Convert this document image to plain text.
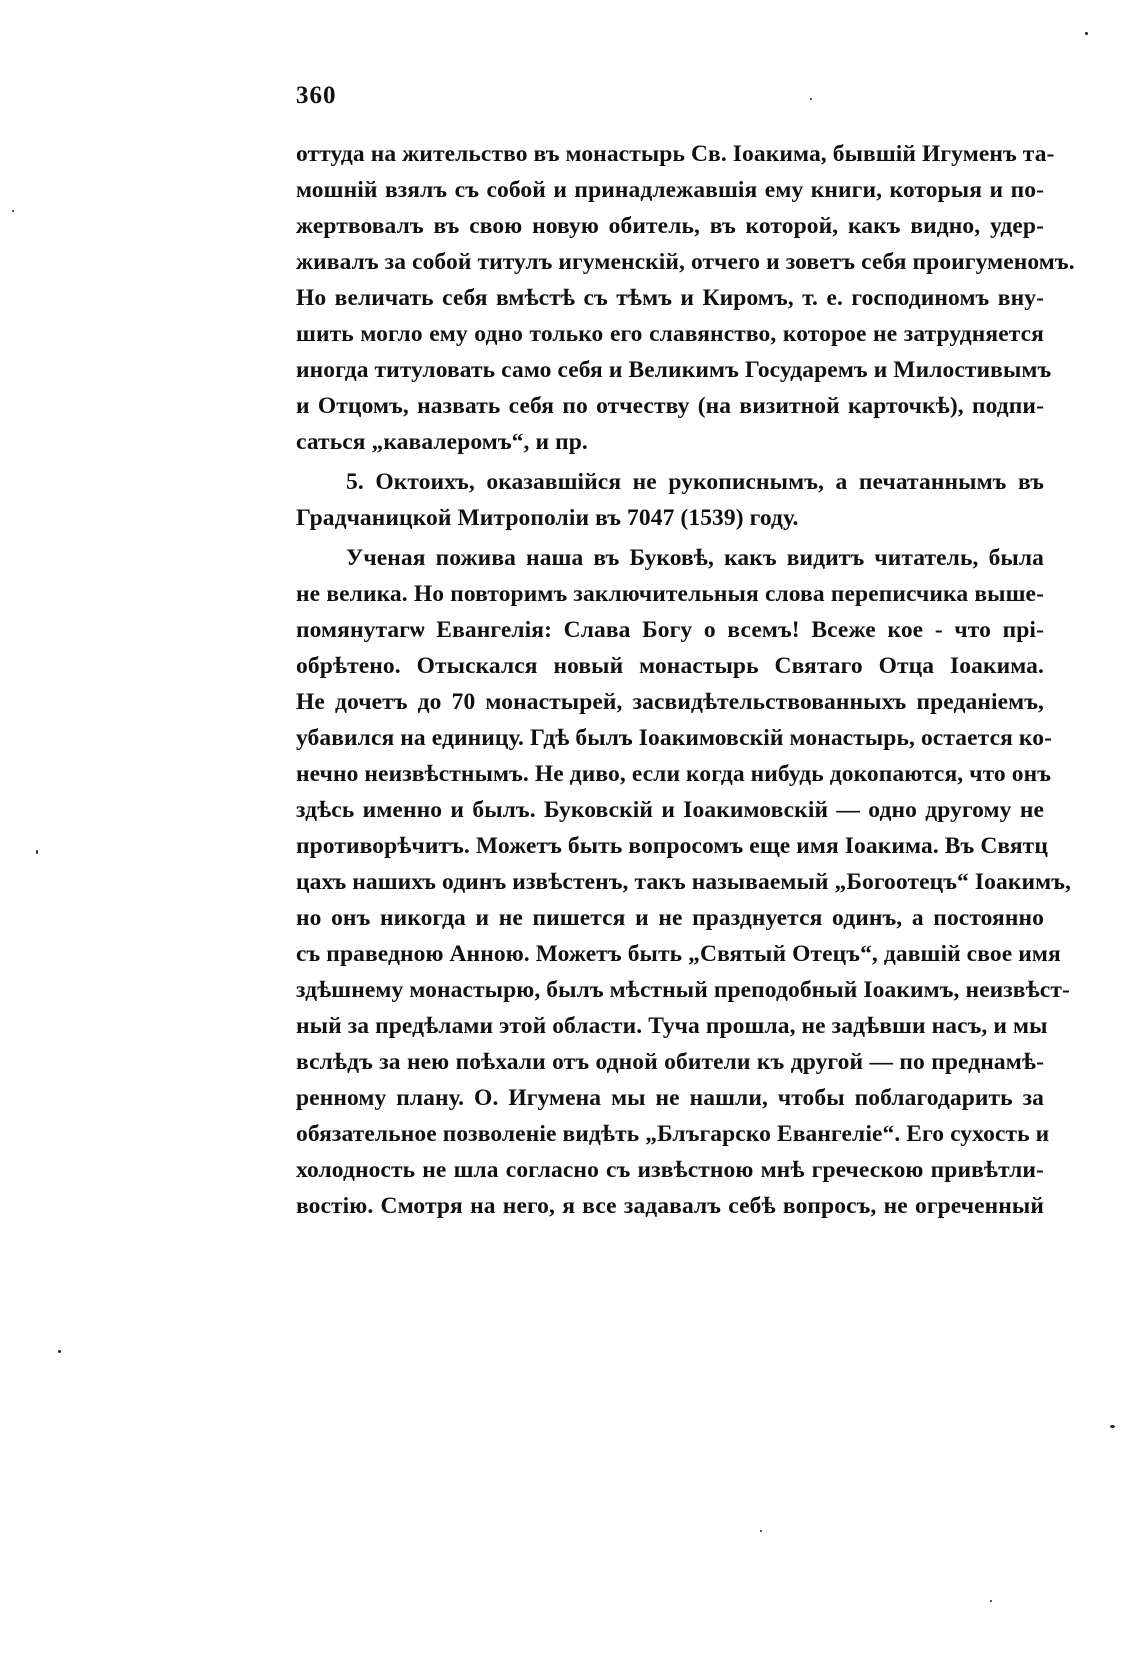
360
оттуда на жительство въ монастырь Св. Іоакима, бывшій Игуменъ та-
мошній взялъ съ собой и принадлежавшія ему книги, которыя и по-
жертвовалъ въ свою новую обитель, въ которой, какъ видно, удер-
живалъ за собой титулъ игуменскій, отчего и зоветъ себя проигуменомъ.
Но величать себя вмѣстѣ съ тѣмъ и Киромъ, т. е. господиномъ вну-
шить могло ему одно только его славянство, которое не затрудняется
иногда титуловать само себя и Великимъ Государемъ и Милостивымъ
и Отцомъ, назвать себя по отчеству (на визитной карточкѣ), подпи-
саться „кавалеромъ“, и пр.
5. Октоихъ, оказавшійся не рукописнымъ, а печатаннымъ въ
Градчаницкой Митрополіи въ 7047 (1539) году.
Ученая пожива наша въ Буковѣ, какъ видитъ читатель, была
не велика. Но повторимъ заключительныя слова переписчика выше-
помянутагѡ Евангелія: Слава Богу о всемъ! Всеже кое - что прі-
обрѣтено. Отыскался новый монастырь Святаго Отца Іоакима.
Не дочетъ до 70 монастырей, засвидѣтельствованныхъ преданіемъ,
убавился на единицу. Гдѣ былъ Іоакимовскій монастырь, остается ко-
нечно неизвѣстнымъ. Не диво, если когда нибудь докопаются, что онъ
здѣсь именно и былъ. Буковскій и Іоакимовскій — одно другому не
противорѣчитъ. Можетъ быть вопросомъ еще имя Іоакима. Въ Святц
цахъ нашихъ одинъ извѣстенъ, такъ называемый „Богоотецъ“ Іоакимъ,
но онъ никогда и не пишется и не празднуется одинъ, а постоянно
съ праведною Анною. Можетъ быть „Святый Отецъ“, давшій свое имя
здѣшнему монастырю, былъ мѣстный преподобный Іоакимъ, неизвѣст-
ный за предѣлами этой области. Туча прошла, не задѣвши насъ, и мы
вслѣдъ за нею поѣхали отъ одной обители къ другой — по преднамѣ-
ренному плану. О. Игумена мы не нашли, чтобы поблагодарить за
обязательное позволеніе видѣть „Блъгарско Евангеліе“. Его сухость и
холодность не шла согласно съ извѣстною мнѣ греческою привѣтли-
востію. Смотря на него, я все задавалъ себѣ вопросъ, не огреченный
